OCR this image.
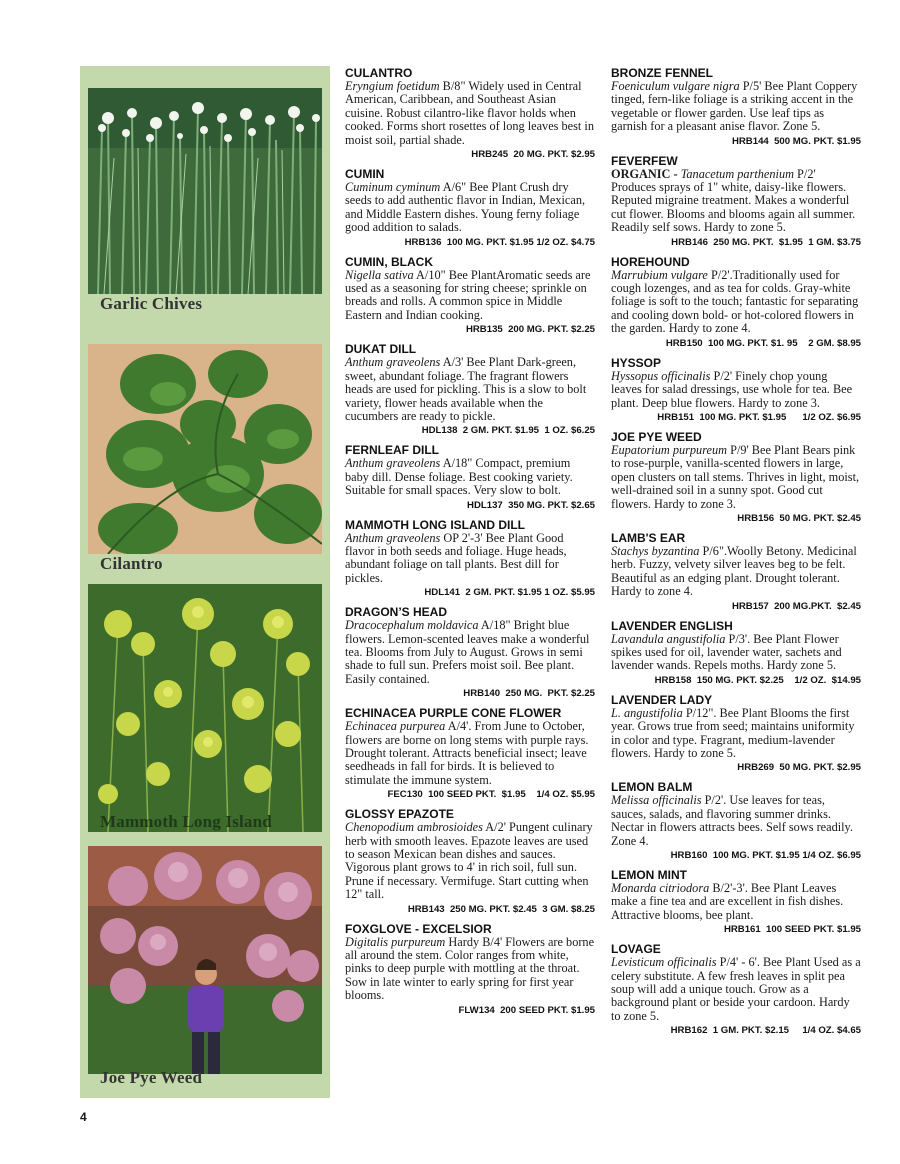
Garlic Chives
Cilantro
Mammoth Long Island
Joe Pye Weed
CULANTRO

Eryngium foetidum B/8" Widely used in Central American, Caribbean, and Southeast Asian cuisine. Robust cilantro-like flavor holds when cooked. Forms short rosettes of long leaves best in moist soil, partial shade.

HRB245  20 MG. PKT. $2.95
CUMIN

Cuminum cyminum A/6" Bee Plant Crush dry seeds to add authentic flavor in Indian, Mexican, and Middle Eastern dishes. Young ferny foliage good addition to salads.

HRB136  100 MG. PKT. $1.95 1/2 OZ. $4.75
CUMIN, BLACK

Nigella sativa A/10" Bee PlantAromatic seeds are used as a seasoning for string cheese; sprinkle on breads and rolls. A common spice in Middle Eastern and Indian cooking.

HRB135  200 MG. PKT. $2.25
DUKAT DILL

Anthum graveolens A/3' Bee Plant Dark-green, sweet, abundant foliage. The fragrant flowers heads are used for pickling. This is a slow to bolt variety, flower heads available when the cucumbers are ready to pickle.

HDL138  2 GM. PKT. $1.95  1 OZ. $6.25
FERNLEAF DILL

Anthum graveolens A/18" Compact, premium baby dill. Dense foliage. Best cooking variety. Suitable for small spaces. Very slow to bolt.

HDL137  350 MG. PKT. $2.65
MAMMOTH LONG ISLAND DILL

Anthum graveolens OP 2'-3' Bee Plant Good flavor in both seeds and foliage. Huge heads, abundant foliage on tall plants. Best dill for pickles.

HDL141  2 GM. PKT. $1.95 1 OZ. $5.95
DRAGON’S HEAD

Dracocephalum moldavica A/18" Bright blue flowers. Lemon-scented leaves make a wonderful tea. Blooms from July to August. Grows in semi shade to full sun. Prefers moist soil. Bee plant. Easily contained.

HRB140  250 MG.  PKT. $2.25
ECHINACEA PURPLE CONE FLOWER

Echinacea purpurea A/4'. From June to October, flowers are borne on long stems with purple rays. Drought tolerant. Attracts beneficial insect; leave seedheads in fall for birds. It is believed to stimulate the immune system.

FEC130  100 SEED PKT.  $1.95    1/4 OZ. $5.95
GLOSSY EPAZOTE

Chenopodium ambrosioides A/2' Pungent culinary herb with smooth leaves. Epazote leaves are used to season Mexican bean dishes and sauces. Vigorous plant grows to 4' in rich soil, full sun. Prune if necessary. Vermifuge. Start cutting when 12" tall.

HRB143  250 MG. PKT. $2.45  3 GM. $8.25
FOXGLOVE - EXCELSIOR

Digitalis purpureum Hardy B/4' Flowers are borne all around the stem. Color ranges from white, pinks to deep purple with mottling at the throat. Sow in late winter to early spring for first year blooms.

FLW134  200 SEED PKT. $1.95
BRONZE FENNEL

Foeniculum vulgare nigra P/5' Bee Plant Coppery tinged, fern-like foliage is a striking accent in the vegetable or flower garden. Use leaf tips as garnish for a pleasant anise flavor. Zone 5.

HRB144  500 MG. PKT. $1.95
FEVERFEW

ORGANIC - Tanacetum parthenium P/2' Produces sprays of 1" white, daisy-like flowers. Reputed migraine treatment. Makes a wonderful cut flower. Blooms and blooms again all summer. Readily self sows. Hardy to zone 5.

HRB146  250 MG. PKT.  $1.95  1 GM. $3.75
HOREHOUND

Marrubium vulgare P/2'.Traditionally used for cough lozenges, and as tea for colds. Gray-white foliage is soft to the touch; fantastic for separating and cooling down bold- or hot-colored flowers in the garden. Hardy to zone 4.

HRB150  100 MG. PKT. $1. 95    2 GM. $8.95
HYSSOP

Hyssopus officinalis P/2' Finely chop young leaves for salad dressings, use whole for tea. Bee plant. Deep blue flowers. Hardy to zone 3.

HRB151  100 MG. PKT. $1.95      1/2 OZ. $6.95
JOE PYE WEED

Eupatorium purpureum P/9' Bee Plant Bears pink to rose-purple, vanilla-scented flowers in large, open clusters on tall stems. Thrives in light, moist, well-drained soil in a sunny spot. Good cut flowers. Hardy to zone 3.

HRB156  50 MG. PKT. $2.45
LAMB'S EAR

Stachys byzantina P/6".Woolly Betony. Medicinal herb. Fuzzy, velvety silver leaves beg to be felt. Beautiful as an edging plant. Drought tolerant. Hardy to zone 4.

HRB157  200 MG.PKT.  $2.45
LAVENDER ENGLISH

Lavandula angustifolia P/3'. Bee Plant Flower spikes used for oil, lavender water, sachets and lavender wands. Repels moths. Hardy zone 5.

HRB158  150 MG. PKT. $2.25    1/2 OZ.  $14.95
LAVENDER LADY

L. angustifolia P/12". Bee Plant Blooms the first year. Grows true from seed; maintains uniformity in color and type. Fragrant, medium-lavender flowers. Hardy to zone 5.

HRB269  50 MG. PKT. $2.95
LEMON BALM

Melissa officinalis P/2'. Use leaves for teas, sauces, salads, and flavoring summer drinks. Nectar in flowers attracts bees. Self sows readily. Zone 4.

HRB160  100 MG. PKT. $1.95 1/4 OZ. $6.95
LEMON MINT

Monarda citriodora B/2'-3'. Bee Plant Leaves make a fine tea and are excellent in fish dishes. Attractive blooms, bee plant.

HRB161  100 SEED PKT. $1.95
LOVAGE

Levisticum officinalis P/4' - 6'. Bee Plant Used as a celery substitute. A few fresh leaves in split pea soup will add a unique touch. Grow as a background plant or beside your cardoon. Hardy to zone 5.

HRB162  1 GM. PKT. $2.15     1/4 OZ. $4.65
4
